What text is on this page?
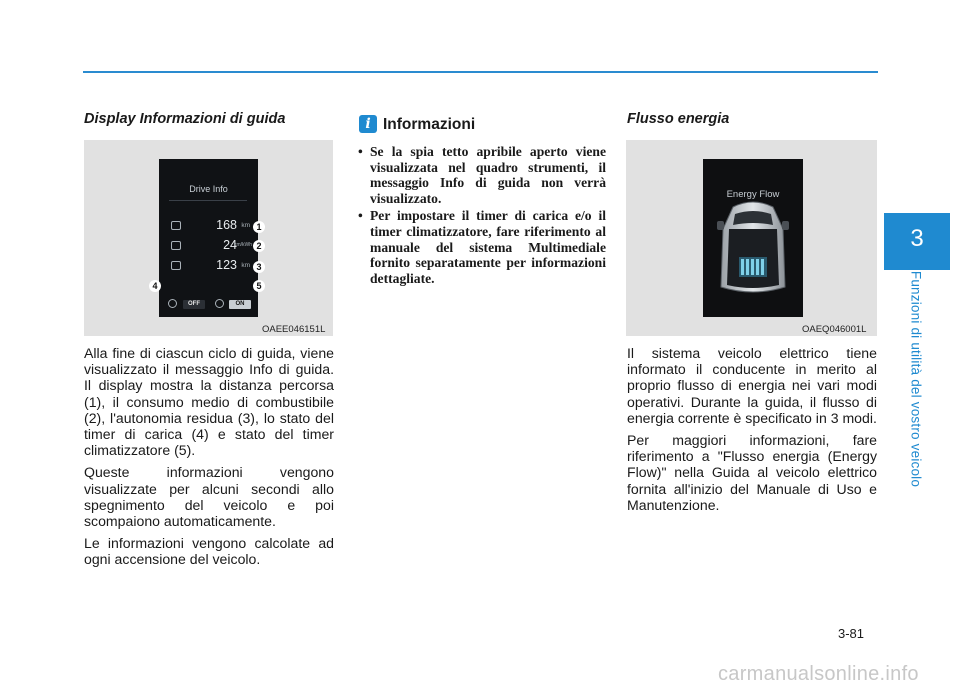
Display Informazioni di guida
Drive Info
168 km
24
km/kWh
123 km
OFF	ON
1
2
3
4	5
OAEE046151L

Alla fine di ciascun ciclo di guida, viene visualizzato il messaggio Info di guida. Il display mostra la distanza percorsa (1), il consumo medio di combustibile (2), l'autonomia residua (3), lo stato del timer di carica (4) e stato del timer climatizzatore (5).

Queste informazioni vengono visualizzate per alcuni secondi allo spegnimento del veicolo e poi scompaiono automaticamente.

Le informazioni vengono calcolate ad ogni accensione del veicolo.

i Informazioni
• Se la spia tetto apribile aperto viene visualizzata nel quadro strumenti, il messaggio Info di guida non verrà visualizzato.
• Per impostare il timer di carica e/o il timer climatizzatore, fare riferimento al manuale del sistema Multimediale fornito separatamente per informazioni dettagliate.
Flusso energia
Energy Flow
OAEQ046001L

Il sistema veicolo elettrico tiene informato il conducente in merito al proprio flusso di energia nei vari modi operativi. Durante la guida, il flusso di energia corrente è specificato in 3 modi.

Per maggiori informazioni, fare riferimento a "Flusso energia (Energy Flow)" nella Guida al veicolo elettrico fornita all'inizio del Manuale di Uso e Manutenzione.

3
Funzioni di utilità del vostro veicolo
3-81
carmanualsonline.info
